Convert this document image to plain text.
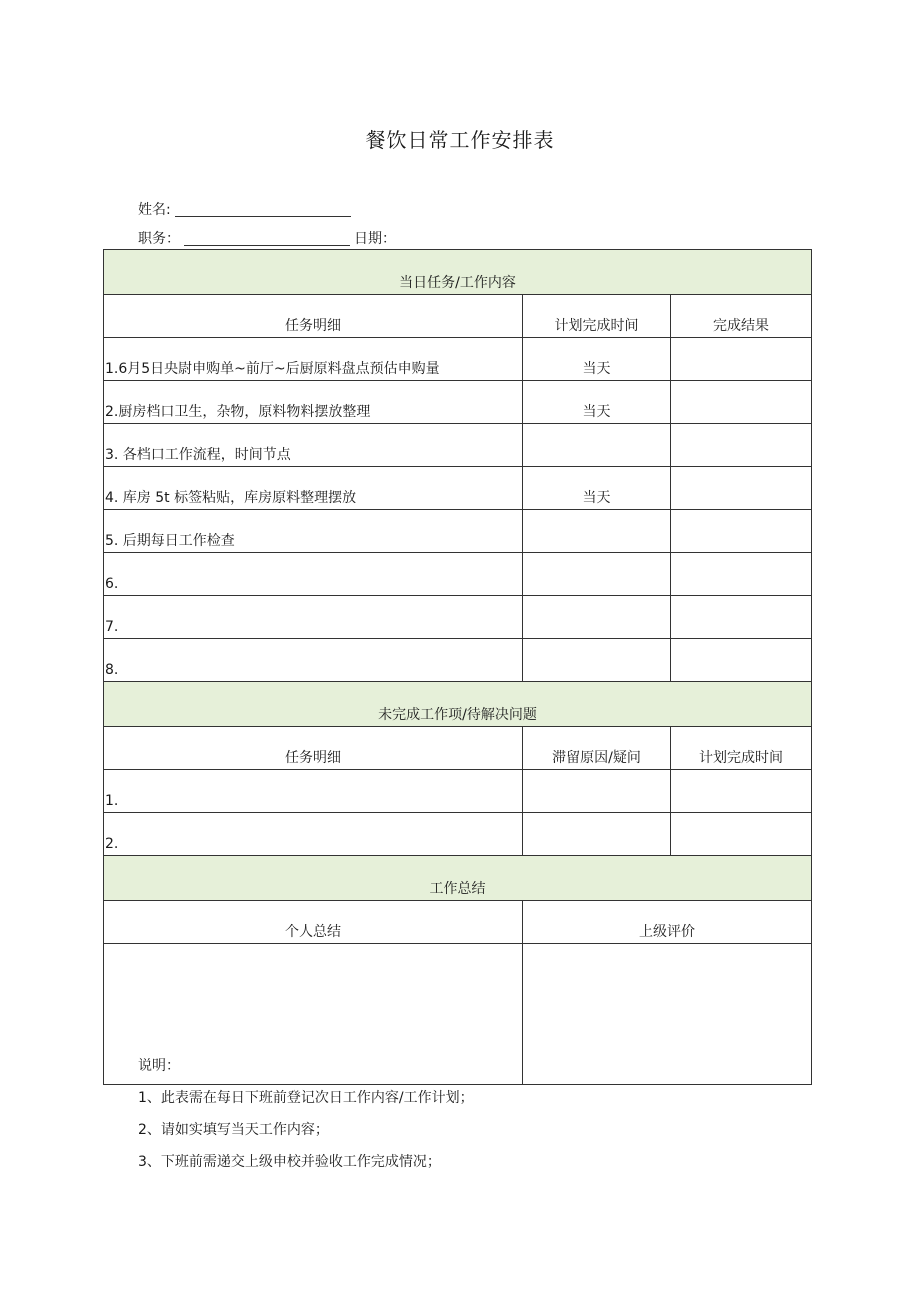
餐饮日常工作安排表
姓名:
职务：	日期：
当日任务/工作内容		
任务明细	计划完成时间	完成结果
1.6月5日央尉申购单~前厅~后厨原料盘点预估申购量	当天	
2.厨房档口卫生，杂物，原料物料摆放整理	当天	
3. 各档口工作流程，时间节点		
4. 库房 5t 标签粘贴，库房原料整理摆放	当天	
5. 后期每日工作检查		
6.		
7.		
8.		
未完成工作项/待解决问题		
任务明细	滞留原因/疑问	计划完成时间
1.		
2.		
工作总结		
个人总结	上级评价	

说明：
1、此表需在每日下班前登记次日工作内容/工作计划；
2、请如实填写当天工作内容；
3、下班前需递交上级申校并验收工作完成情况；
